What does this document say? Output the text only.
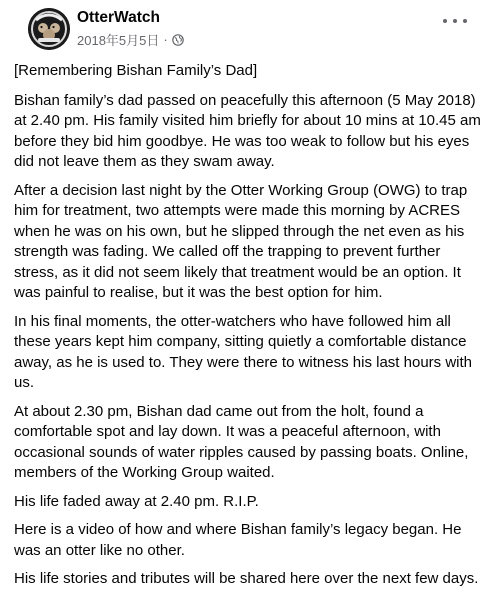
OtterWatch
2018年5月5日 ·

[Remembering Bishan Family’s Dad]

Bishan family’s dad passed on peacefully this afternoon (5 May 2018) at 2.40 pm. His family visited him briefly for about 10 mins at 10.45 am before they bid him goodbye. He was too weak to follow but his eyes did not leave them as they swam away.

After a decision last night by the Otter Working Group (OWG) to trap him for treatment, two attempts were made this morning by ACRES when he was on his own, but he slipped through the net even as his strength was fading. We called off the trapping to prevent further stress, as it did not seem likely that treatment would be an option. It was painful to realise, but it was the best option for him.

In his final moments, the otter-watchers who have followed him all these years kept him company, sitting quietly a comfortable distance away, as he is used to. They were there to witness his last hours with us.

At about 2.30 pm, Bishan dad came out from the holt, found a comfortable spot and lay down. It was a peaceful afternoon, with occasional sounds of water ripples caused by passing boats. Online, members of the Working Group waited.

His life faded away at 2.40 pm. R.I.P.

Here is a video of how and where Bishan family’s legacy began. He was an otter like no other.

His life stories and tributes will be shared here over the next few days.
